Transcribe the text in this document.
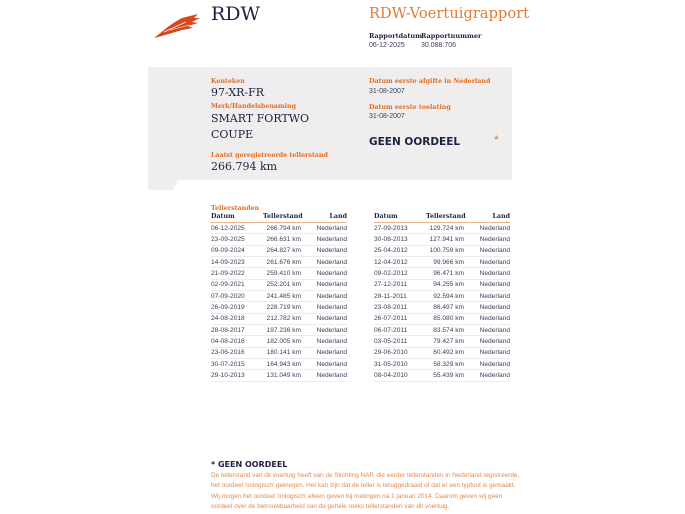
RDW	RDW-Voertuigrapport
Rapportdatum
06-12-2025
Rapportnummer
30.088.706
Kenteken
97-XR-FR
Merk/Handelsbenaming
SMART FORTWO
COUPE
Laatst geregistreerde tellerstand
266.794 km
Datum eerste afgifte in Nederland
31-08-2007
Datum eerste toelating
31-08-2007
GEEN OORDEEL	*
Tellerstanden
Datum	Tellerstand	Land
06-12-2025	266.794 km	Nederland
23-09-2025	266.631 km	Nederland
09-09-2024	264.827 km	Nederland
14-09-2023	261.676 km	Nederland
21-09-2022	259.410 km	Nederland
02-09-2021	252.201 km	Nederland
07-09-2020	241.485 km	Nederland
26-09-2019	228.719 km	Nederland
24-08-2018	212.782 km	Nederland
28-08-2017	197.236 km	Nederland
04-08-2016	182.005 km	Nederland
23-06-2016	180.141 km	Nederland
30-07-2015	164.943 km	Nederland
29-10-2013	131.049 km	Nederland
Datum	Tellerstand	Land
27-09-2013	129.724 km	Nederland
30-08-2013	127.941 km	Nederland
25-04-2012	100.759 km	Nederland
12-04-2012	99.966 km	Nederland
09-02-2012	96.471 km	Nederland
27-12-2011	94.255 km	Nederland
28-11-2011	92.594 km	Nederland
23-08-2011	86.497 km	Nederland
26-07-2011	85.080 km	Nederland
06-07-2011	83.574 km	Nederland
03-05-2011	79.427 km	Nederland
29-06-2010	60.492 km	Nederland
31-05-2010	58.329 km	Nederland
08-04-2010	55.439 km	Nederland
* GEEN OORDEEL
De tellerstand van dit voertuig heeft van de Stichting NAP, die eerder tellerstanden in Nederland registreerde, het oordeel 'onlogisch' gekregen. Het kan zijn dat de teller is teruggedraaid of dat er een typfout is gemaakt. Wij mogen het oordeel 'onlogisch' alleen geven bij metingen na 1 januari 2014. Daarom geven wij geen oordeel over de betrouwbaarheid van de gehele reeks tellerstanden van dit voertuig.
